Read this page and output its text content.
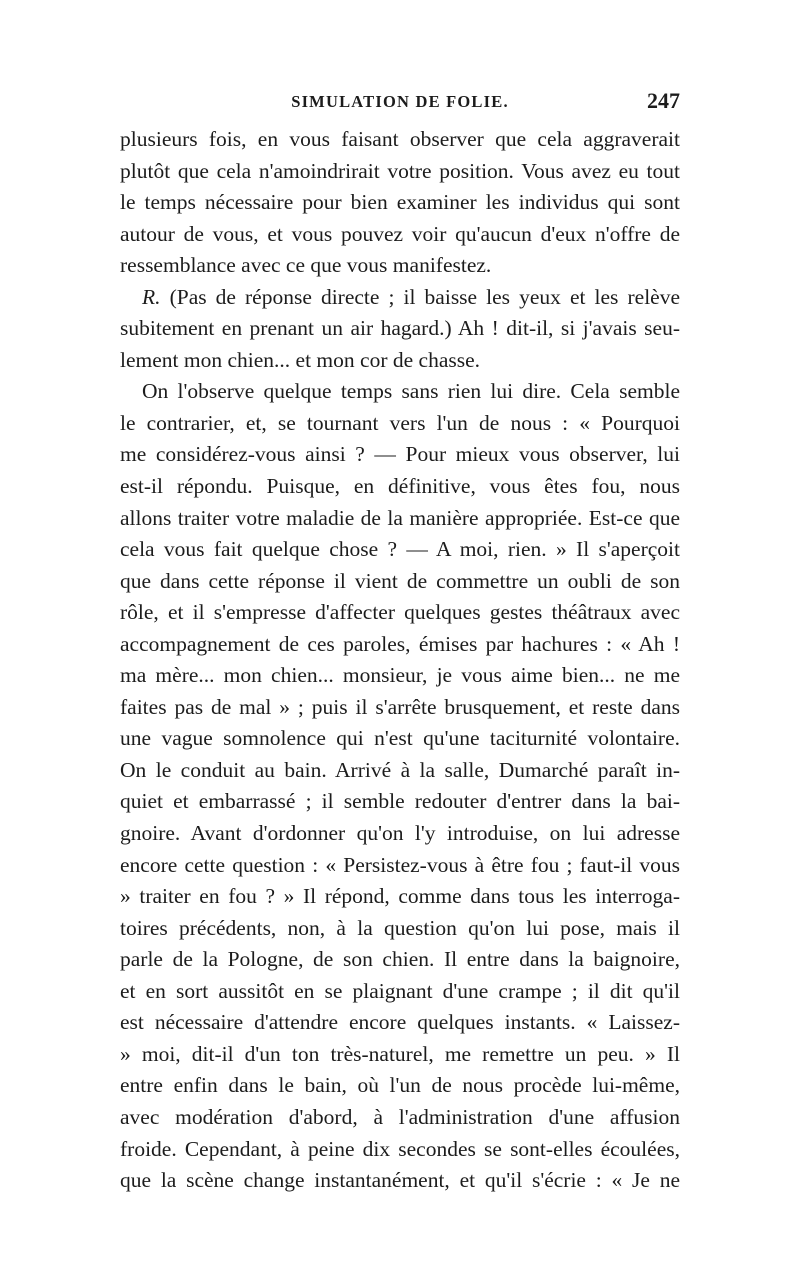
SIMULATION DE FOLIE.	247
plusieurs fois, en vous faisant observer que cela aggraverait
plutôt que cela n'amoindrirait votre position. Vous avez eu tout
le temps nécessaire pour bien examiner les individus qui sont
autour de vous, et vous pouvez voir qu'aucun d'eux n'offre de
ressemblance avec ce que vous manifestez.
R. (Pas de réponse directe ; il baisse les yeux et les relève
subitement en prenant un air hagard.) Ah ! dit-il, si j'avais seu-
lement mon chien... et mon cor de chasse.
On l'observe quelque temps sans rien lui dire. Cela semble
le contrarier, et, se tournant vers l'un de nous : « Pourquoi
me considérez-vous ainsi ? — Pour mieux vous observer, lui
est-il répondu. Puisque, en définitive, vous êtes fou, nous
allons traiter votre maladie de la manière appropriée. Est-ce que
cela vous fait quelque chose ? — A moi, rien. » Il s'aperçoit
que dans cette réponse il vient de commettre un oubli de son
rôle, et il s'empresse d'affecter quelques gestes théâtraux avec
accompagnement de ces paroles, émises par hachures : « Ah !
ma mère... mon chien... monsieur, je vous aime bien... ne me
faites pas de mal » ; puis il s'arrête brusquement, et reste dans
une vague somnolence qui n'est qu'une taciturnité volontaire.
On le conduit au bain. Arrivé à la salle, Dumarché paraît in-
quiet et embarrassé ; il semble redouter d'entrer dans la bai-
gnoire. Avant d'ordonner qu'on l'y introduise, on lui adresse
encore cette question : « Persistez-vous à être fou ; faut-il vous
» traiter en fou ? » Il répond, comme dans tous les interroga-
toires précédents, non, à la question qu'on lui pose, mais il
parle de la Pologne, de son chien. Il entre dans la baignoire,
et en sort aussitôt en se plaignant d'une crampe ; il dit qu'il
est nécessaire d'attendre encore quelques instants. « Laissez-
» moi, dit-il d'un ton très-naturel, me remettre un peu. » Il
entre enfin dans le bain, où l'un de nous procède lui-même,
avec modération d'abord, à l'administration d'une affusion
froide. Cependant, à peine dix secondes se sont-elles écoulées,
que la scène change instantanément, et qu'il s'écrie : « Je ne
